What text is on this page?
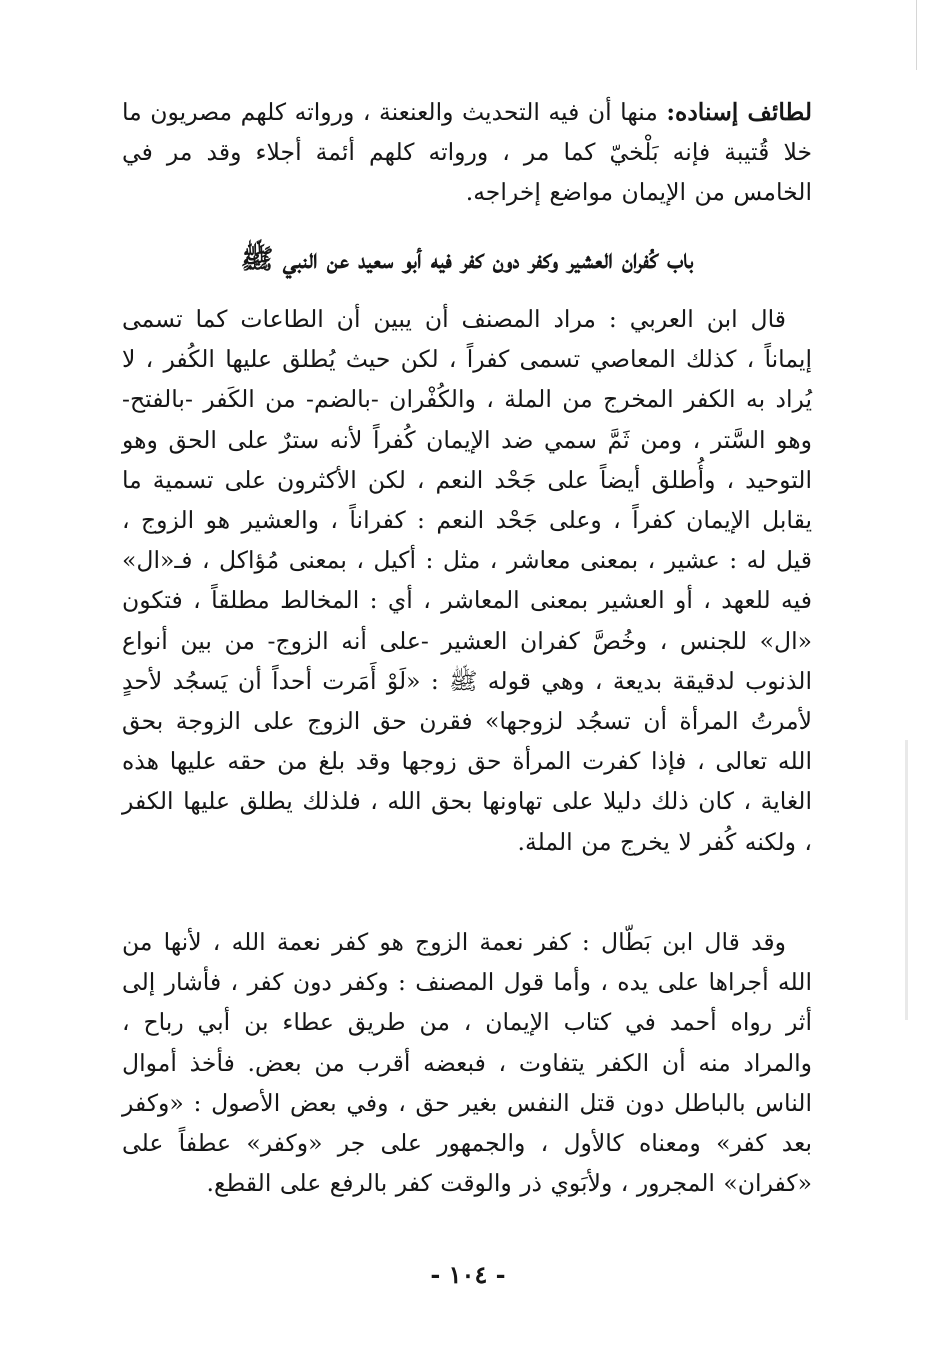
لطائف إسناده: منها أن فيه التحديث والعنعنة ، ورواته كلهم مصريون ما خلا قُتيبة فإنه بَلْخيّ كما مر ، ورواته كلهم أئمة أجلاء وقد مر في الخامس من الإيمان مواضع إخراجه.

باب كُفران العشير وكفر دون كفر فيه أبو سعيد عن النبي ﷺ

قال ابن العربي : مراد المصنف أن يبين أن الطاعات كما تسمى إيماناً ، كذلك المعاصي تسمى كفراً ، لكن حيث يُطلق عليها الكُفر ، لا يُراد به الكفر المخرج من الملة ، والكُفْران -بالضم- من الكَفر -بالفتح- وهو السَّتر ، ومن ثَمَّ سمي ضد الإيمان كُفراً لأنه سترٌ على الحق وهو التوحيد ، وأُطلق أيضاً على جَحْد النعم ، لكن الأكثرون على تسمية ما يقابل الإيمان كفراً ، وعلى جَحْد النعم : كفراناً ، والعشير هو الزوج ، قيل له : عشير ، بمعنى معاشر ، مثل : أكيل ، بمعنى مُؤاكل ، فـ«ال» فيه للعهد ، أو العشير بمعنى المعاشر ، أي : المخالط مطلقاً ، فتكون «ال» للجنس ، وخُصَّ كفران العشير -على أنه الزوج- من بين أنواع الذنوب لدقيقة بديعة ، وهي قوله ﷺ : «لَوْ أَمَرت أحداً أن يَسجُد لأحدٍ لأمرتُ المرأة أن تسجُد لزوجها» فقرن حق الزوج على الزوجة بحق الله تعالى ، فإذا كفرت المرأة حق زوجها وقد بلغ من حقه عليها هذه الغاية ، كان ذلك دليلا على تهاونها بحق الله ، فلذلك يطلق عليها الكفر ، ولكنه كُفر لا يخرج من الملة.

وقد قال ابن بَطّال : كفر نعمة الزوج هو كفر نعمة الله ، لأنها من الله أجراها على يده ، وأما قول المصنف : وكفر دون كفر ، فأشار إلى أثر رواه أحمد في كتاب الإيمان ، من طريق عطاء بن أبي رباح ، والمراد منه أن الكفر يتفاوت ، فبعضه أقرب من بعض. فأخذ أموال الناس بالباطل دون قتل النفس بغير حق ، وفي بعض الأصول : «وكفر بعد كفر» ومعناه كالأول ، والجمهور على جر «وكفر» عطفاً على «كفران» المجرور ، ولأبَوي ذر والوقت كفر بالرفع على القطع.

- ١٠٤ -
